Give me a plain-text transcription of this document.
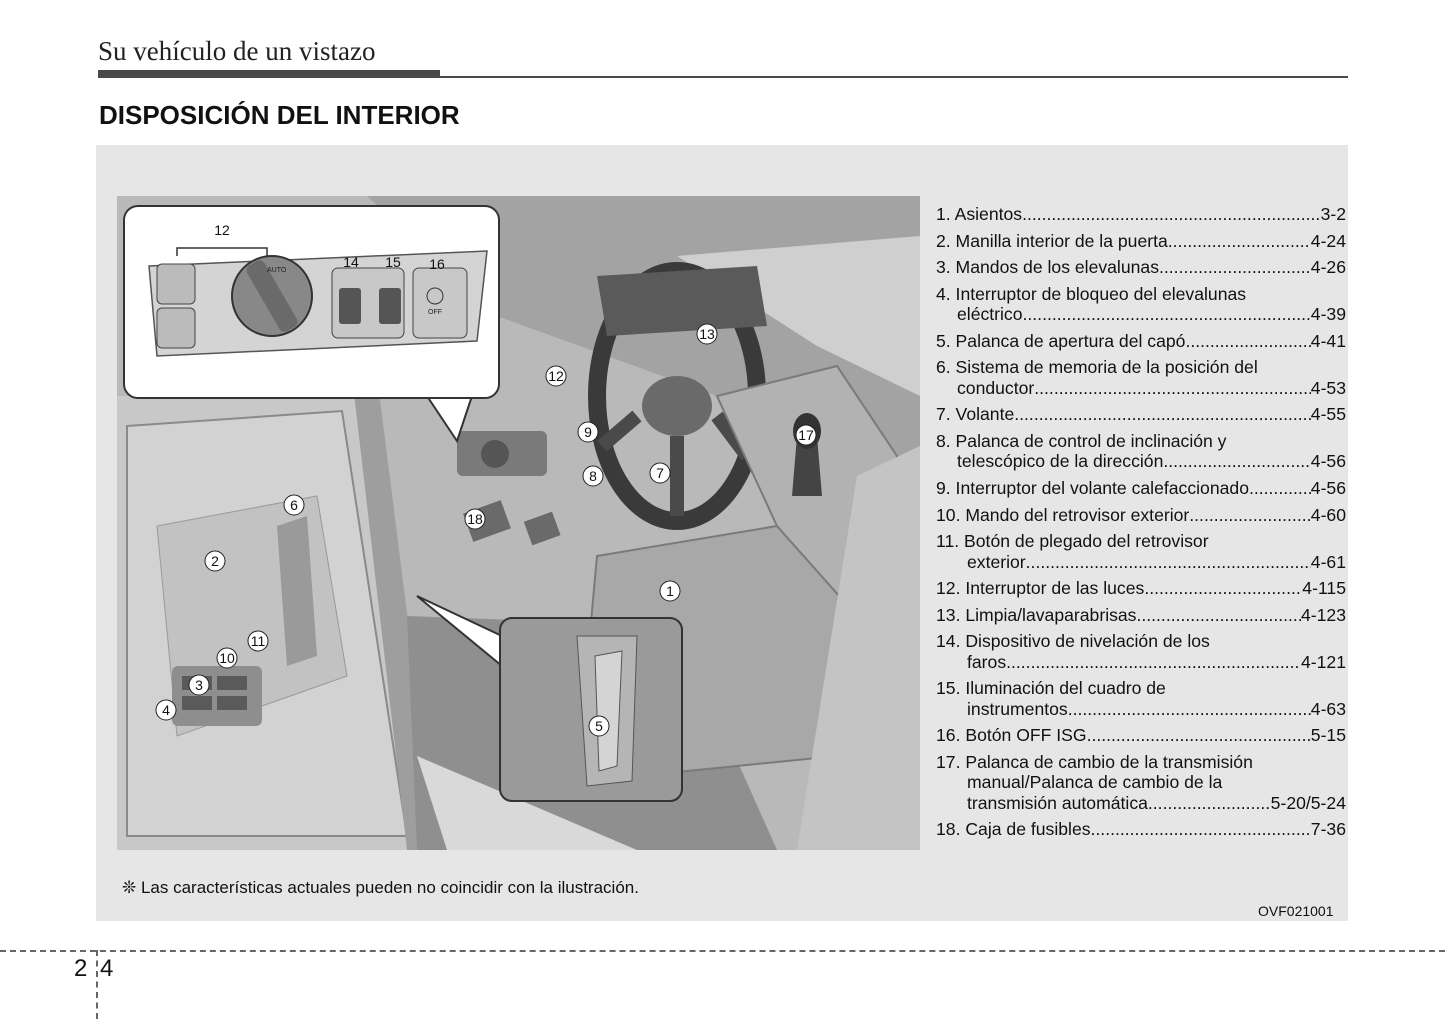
Su vehículo de un vistazo
DISPOSICIÓN DEL INTERIOR
AUTO
OFF
12
14 15 16
1
2
3
4
5
6
7
8
9
10
11
12
13
17
18
1. Asientos .....	3-2
2. Manilla interior de la puerta .....	4-24
3. Mandos de los elevalunas .....	4-26
4. Interruptor de bloqueo del elevalunas
eléctrico .....	4-39
5. Palanca de apertura del capó .....	4-41
6. Sistema de memoria de la posición del
conductor .....	4-53
7. Volante .....	4-55
8. Palanca de control de inclinación y
telescópico de la dirección .....	4-56
9. Interruptor del volante calefaccionado .....	4-56
10. Mando del retrovisor exterior .....	4-60
11. Botón de plegado del retrovisor
exterior .....	4-61
12. Interruptor de las luces .....	4-115
13. Limpia/lavaparabrisas .....	4-123
14. Dispositivo de nivelación de los
faros .....	4-121
15. Iluminación del cuadro de
instrumentos .....	4-63
16. Botón OFF ISG .....	5-15
17. Palanca de cambio de la transmisión
manual/Palanca de cambio de la
transmisión automática .....	5-20/5-24
18. Caja de fusibles .....	7-36
❊ Las características actuales pueden no coincidir con la ilustración.
OVF021001
2 4
